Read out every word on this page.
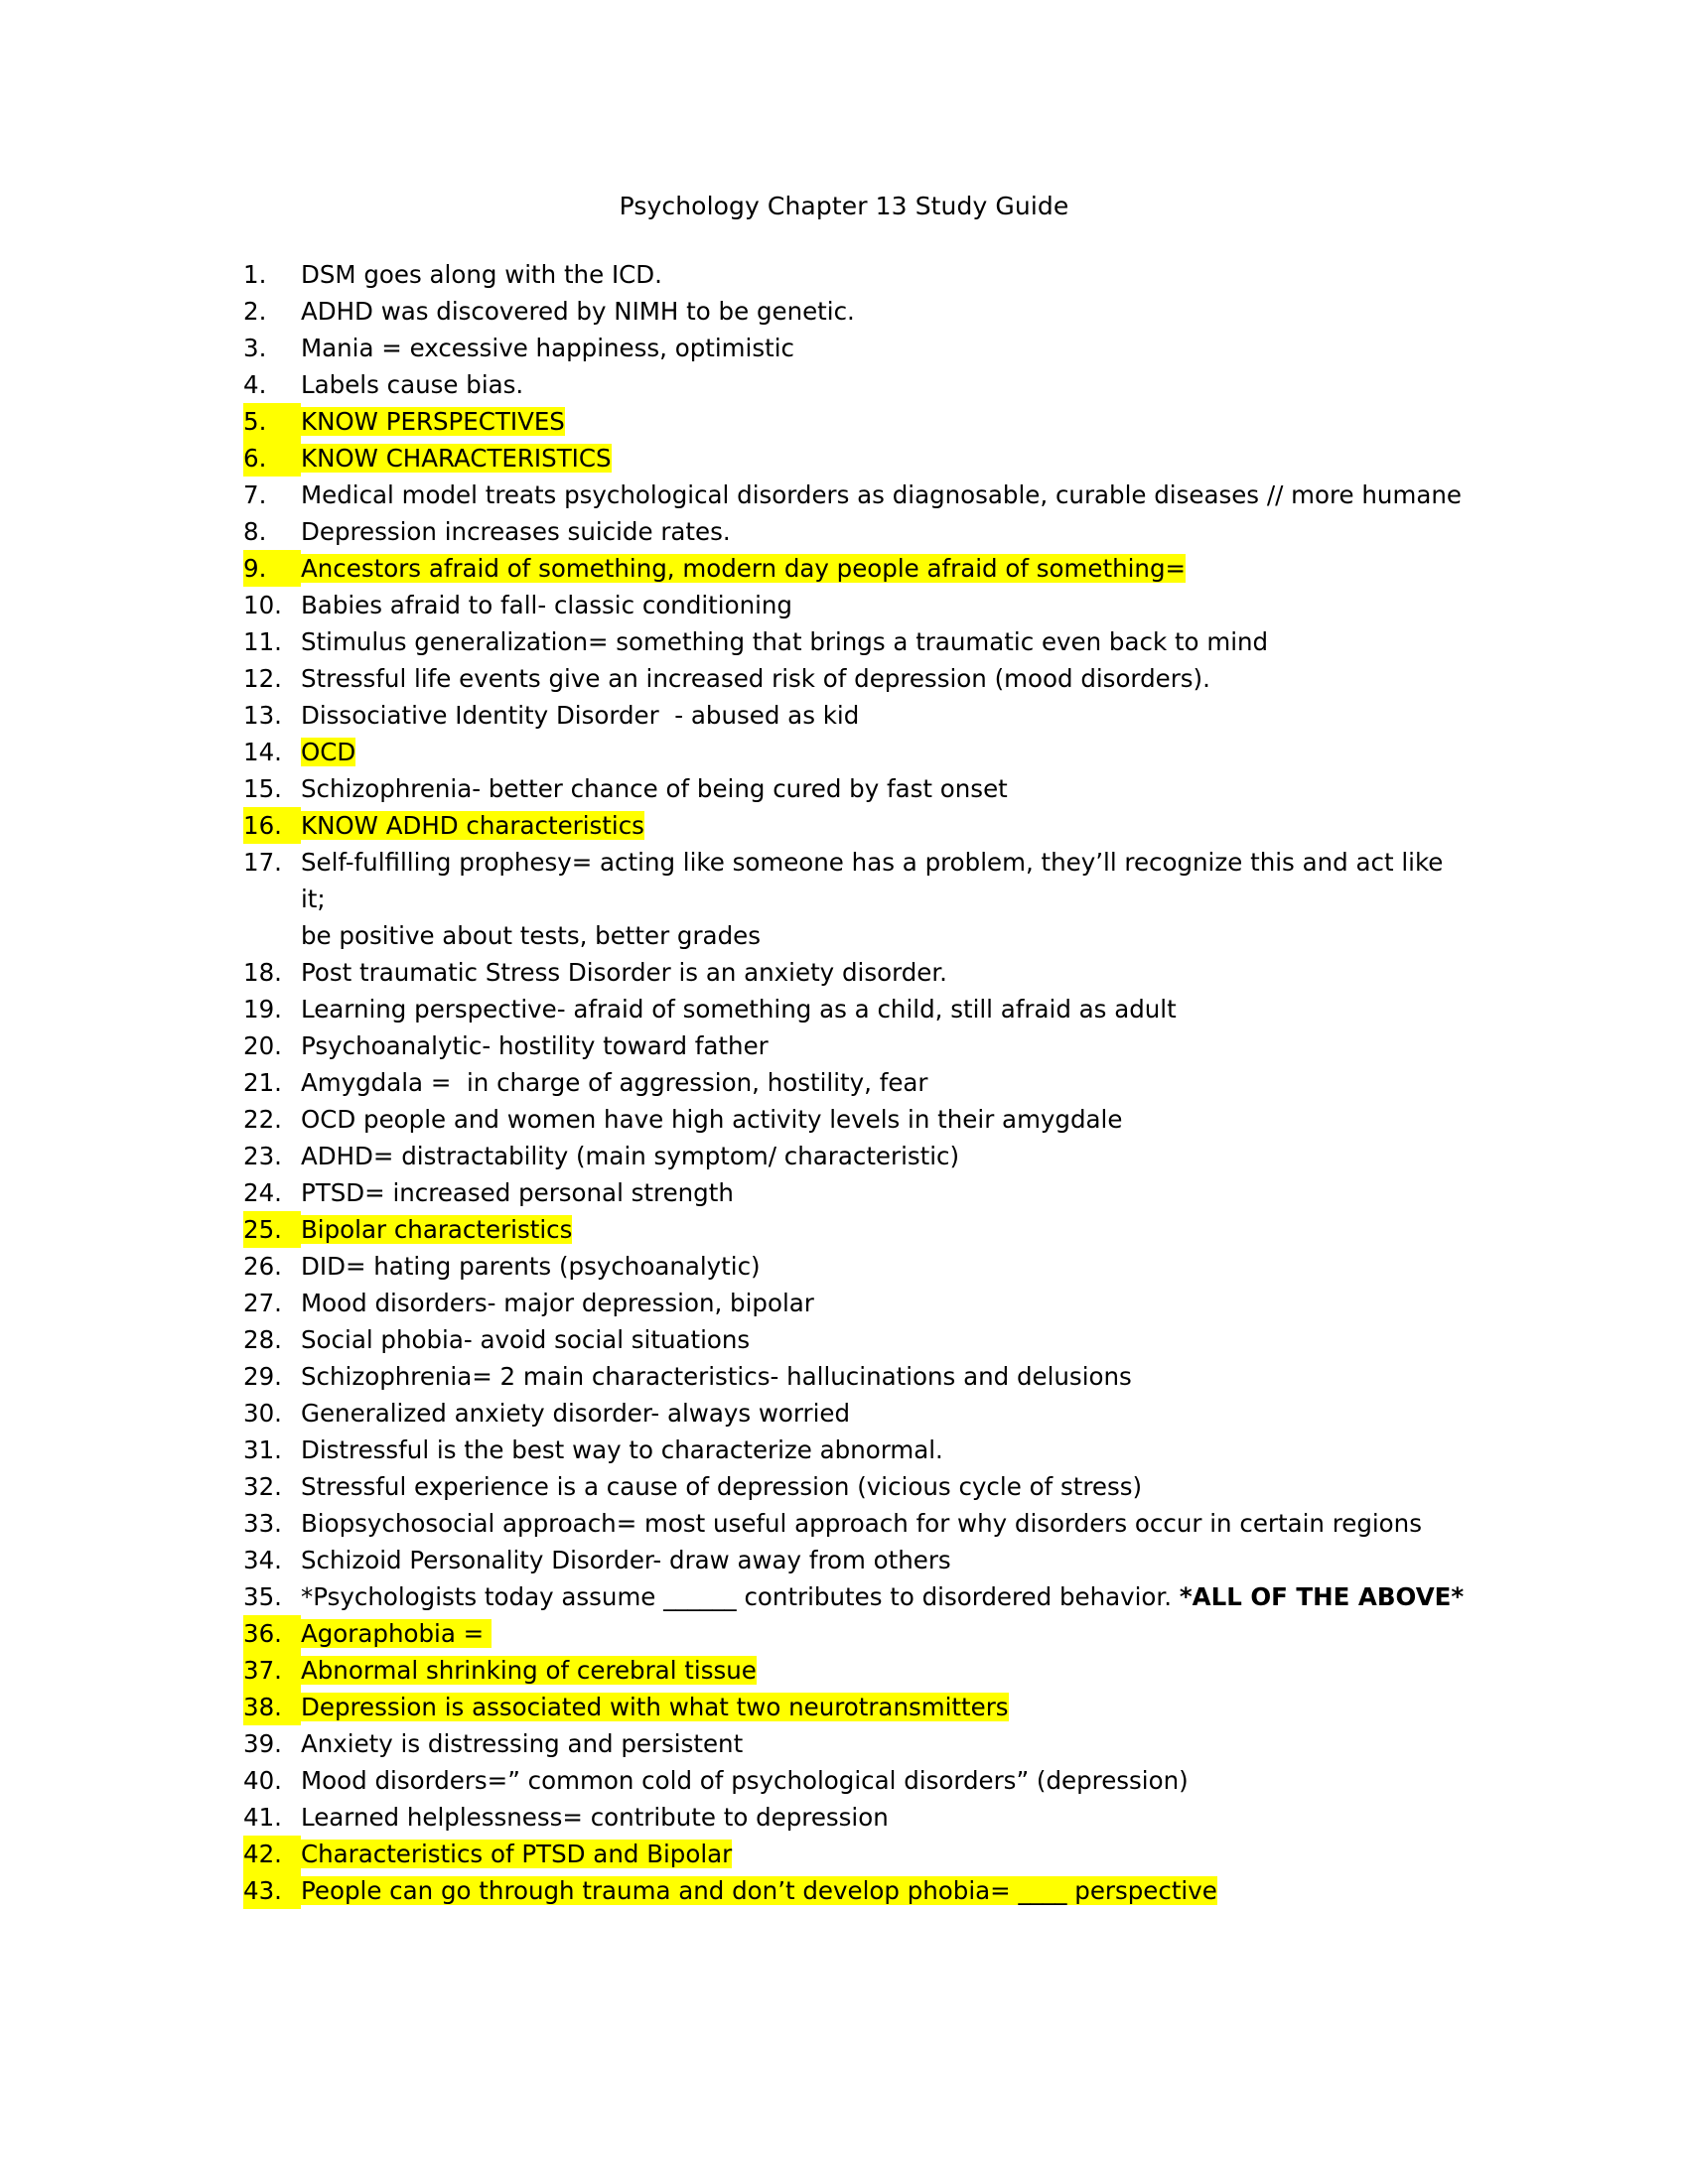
Psychology Chapter 13 Study Guide
1.	DSM goes along with the ICD.
2.	ADHD was discovered by NIMH to be genetic.
3.	Mania = excessive happiness, optimistic
4.	Labels cause bias.
5.	KNOW PERSPECTIVES
6.	KNOW CHARACTERISTICS
7.	Medical model treats psychological disorders as diagnosable, curable diseases // more humane
8.	Depression increases suicide rates.
9.	Ancestors afraid of something, modern day people afraid of something=
10. Babies afraid to fall- classic conditioning
11. Stimulus generalization= something that brings a traumatic even back to mind
12. Stressful life events give an increased risk of depression (mood disorders).
13. Dissociative Identity Disorder  - abused as kid
14. OCD
15. Schizophrenia- better chance of being cured by fast onset
16. KNOW ADHD characteristics
17. Self-fulfilling prophesy= acting like someone has a problem, they’ll recognize this and act like it;
be positive about tests, better grades
18. Post traumatic Stress Disorder is an anxiety disorder.
19. Learning perspective- afraid of something as a child, still afraid as adult
20. Psychoanalytic- hostility toward father
21. Amygdala =  in charge of aggression, hostility, fear
22. OCD people and women have high activity levels in their amygdale
23. ADHD= distractability (main symptom/ characteristic)
24. PTSD= increased personal strength
25. Bipolar characteristics
26. DID= hating parents (psychoanalytic)
27. Mood disorders- major depression, bipolar
28. Social phobia- avoid social situations
29. Schizophrenia= 2 main characteristics- hallucinations and delusions
30. Generalized anxiety disorder- always worried
31. Distressful is the best way to characterize abnormal.
32. Stressful experience is a cause of depression (vicious cycle of stress)
33. Biopsychosocial approach= most useful approach for why disorders occur in certain regions
34. Schizoid Personality Disorder- draw away from others
35. *Psychologists today assume ______ contributes to disordered behavior. *ALL OF THE ABOVE*
36. Agoraphobia =
37. Abnormal shrinking of cerebral tissue
38. Depression is associated with what two neurotransmitters
39. Anxiety is distressing and persistent
40. Mood disorders=” common cold of psychological disorders” (depression)
41. Learned helplessness= contribute to depression
42. Characteristics of PTSD and Bipolar
43. People can go through trauma and don’t develop phobia= ____ perspective
